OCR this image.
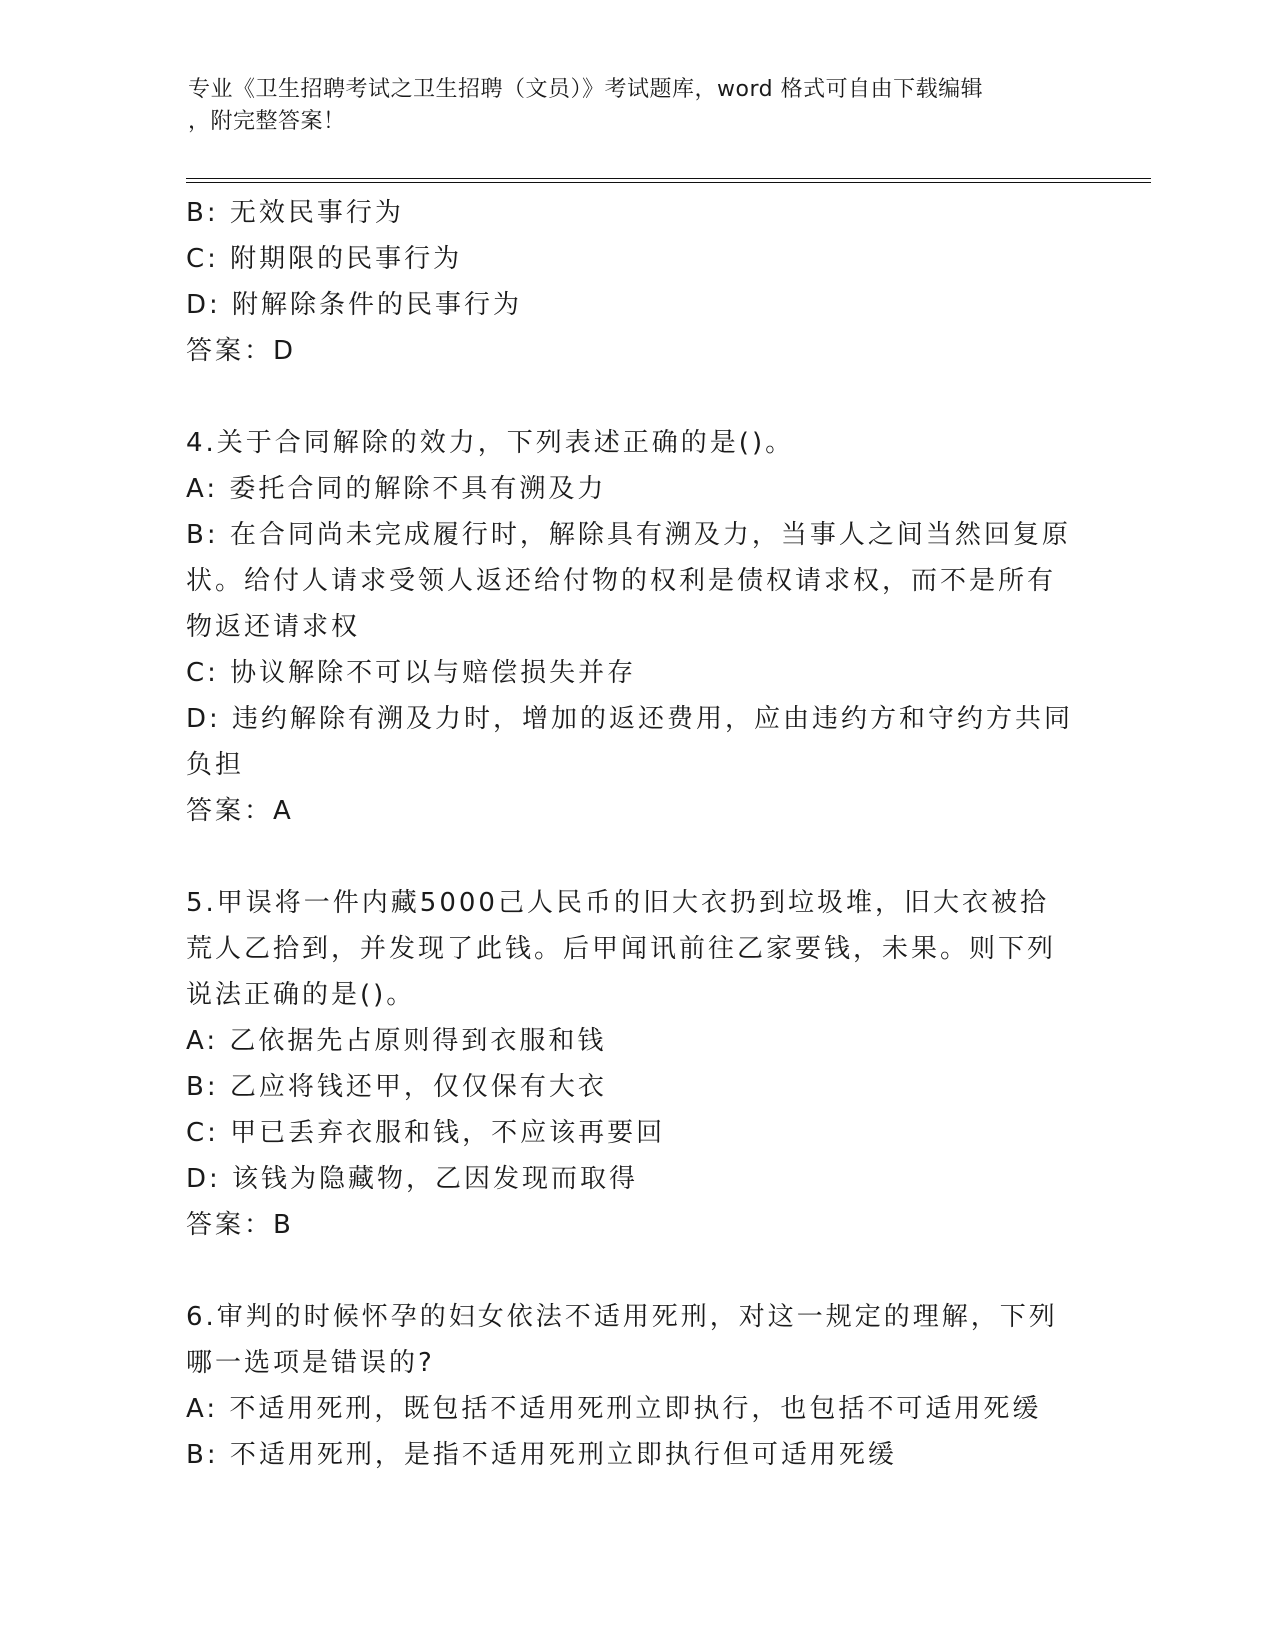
专业《卫生招聘考试之卫生招聘（文员）》考试题库，word 格式可自由下载编辑
，附完整答案！

B: 无效民事行为

C: 附期限的民事行为

D: 附解除条件的民事行为

答案：D

4.关于合同解除的效力，下列表述正确的是()。

A: 委托合同的解除不具有溯及力

B: 在合同尚未完成履行时，解除具有溯及力，当事人之间当然回复原状。给付人请求受领人返还给付物的权利是债权请求权，而不是所有物返还请求权

C: 协议解除不可以与赔偿损失并存

D: 违约解除有溯及力时，增加的返还费用，应由违约方和守约方共同负担

答案：A

5.甲误将一件内藏5000己人民币的旧大衣扔到垃圾堆，旧大衣被拾荒人乙拾到，并发现了此钱。后甲闻讯前往乙家要钱，未果。则下列说法正确的是()。

A: 乙依据先占原则得到衣服和钱

B: 乙应将钱还甲，仅仅保有大衣

C: 甲已丢弃衣服和钱，不应该再要回

D: 该钱为隐藏物，乙因发现而取得

答案：B

6.审判的时候怀孕的妇女依法不适用死刑，对这一规定的理解，下列哪一选项是错误的?

A: 不适用死刑，既包括不适用死刑立即执行，也包括不可适用死缓

B: 不适用死刑，是指不适用死刑立即执行但可适用死缓
